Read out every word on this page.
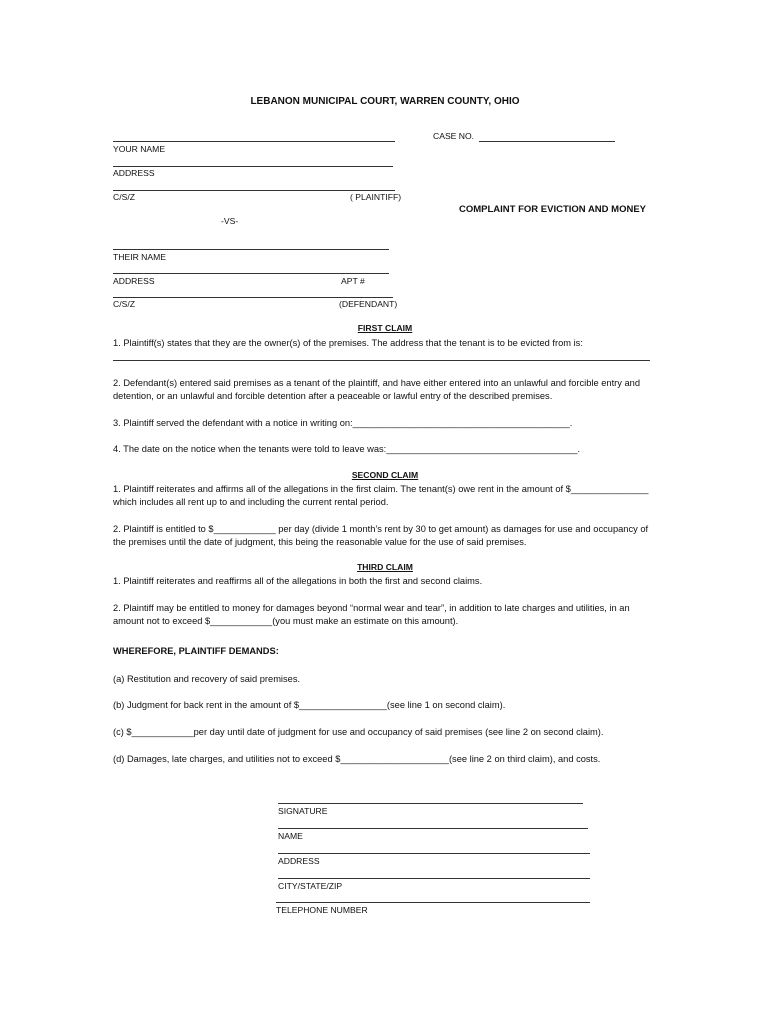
LEBANON MUNICIPAL COURT, WARREN COUNTY, OHIO
YOUR NAME
ADDRESS
C/S/Z	( PLAINTIFF)
CASE NO.
COMPLAINT FOR EVICTION AND MONEY
-VS-
THEIR NAME
ADDRESS	APT #
C/S/Z	(DEFENDANT)
FIRST CLAIM
1. Plaintiff(s) states that they are the owner(s) of the premises. The address that the tenant is to be evicted from is:
2. Defendant(s) entered said premises as a tenant of the plaintiff, and have either entered into an unlawful and forcible entry and
detention, or an unlawful and forcible detention after a peaceable or lawful entry of the described premises.
3. Plaintiff served the defendant with a notice in writing on:__________________________________________.
4. The date on the notice when the tenants were told to leave was:_____________________________________.
SECOND CLAIM
1. Plaintiff reiterates and affirms all of the allegations in the first claim. The tenant(s) owe rent in the amount of $_______________
which includes all rent up to and including the current rental period.
2. Plaintiff is entitled to $____________ per day (divide 1 month’s rent by 30 to get amount) as damages for use and occupancy of
the premises until the date of judgment, this being the reasonable value for the use of said premises.
THIRD CLAIM
1. Plaintiff reiterates and reaffirms all of the allegations in both the first and second claims.
2. Plaintiff may be entitled to money for damages beyond “normal wear and tear”, in addition to late charges and utilities, in an
amount not to exceed $____________(you must make an estimate on this amount).
WHEREFORE, PLAINTIFF DEMANDS:
(a) Restitution and recovery of said premises.
(b) Judgment for back rent in the amount of $_________________(see line 1 on second claim).
(c) $____________per day until date of judgment for use and occupancy of said premises (see line 2 on second claim).
(d) Damages, late charges, and utilities not to exceed $_____________________(see line 2 on third claim), and costs.
SIGNATURE
NAME
ADDRESS
CITY/STATE/ZIP
TELEPHONE NUMBER
